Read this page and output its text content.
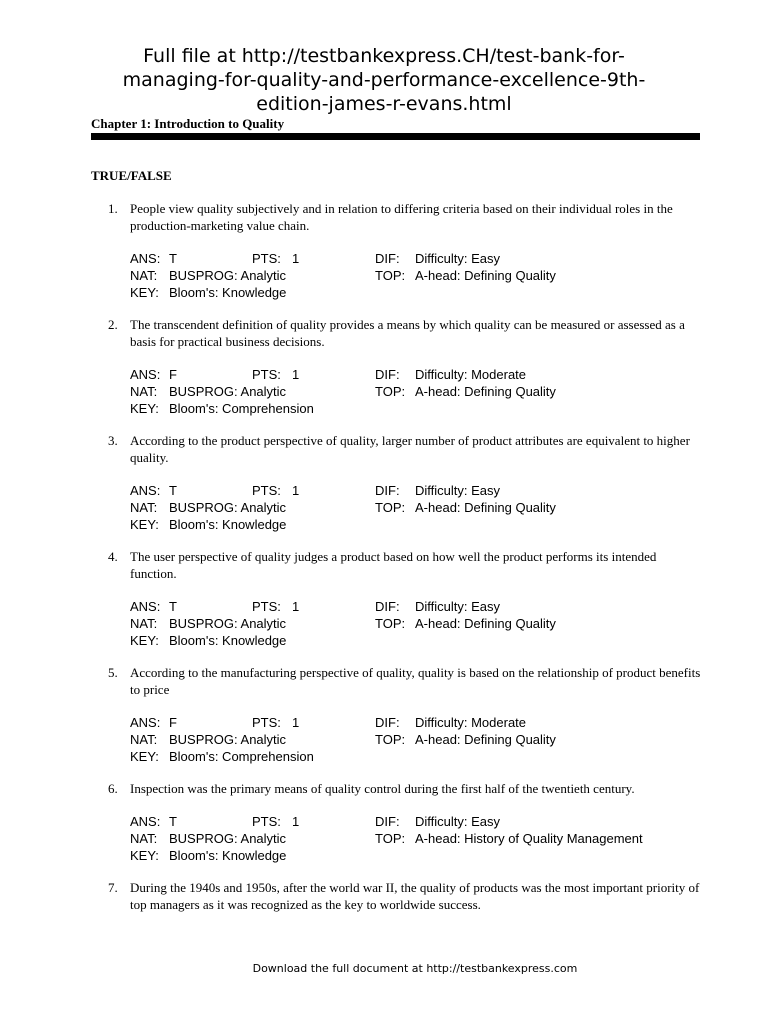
Full file at http://testbankexpress.CH/test-bank-for-
managing-for-quality-and-performance-excellence-9th-
edition-james-r-evans.html
Chapter 1: Introduction to Quality
TRUE/FALSE
1. People view quality subjectively and in relation to differing criteria based on their individual roles in the production-marketing value chain.
ANS: T	PTS: 1	DIF: Difficulty: Easy
NAT: BUSPROG: Analytic	TOP: A-head: Defining Quality
KEY: Bloom's: Knowledge
2. The transcendent definition of quality provides a means by which quality can be measured or assessed as a basis for practical business decisions.
ANS: F	PTS: 1	DIF: Difficulty: Moderate
NAT: BUSPROG: Analytic	TOP: A-head: Defining Quality
KEY: Bloom's: Comprehension
3. According to the product perspective of quality, larger number of product attributes are equivalent to higher quality.
ANS: T	PTS: 1	DIF: Difficulty: Easy
NAT: BUSPROG: Analytic	TOP: A-head: Defining Quality
KEY: Bloom's: Knowledge
4. The user perspective of quality judges a product based on how well the product performs its intended function.
ANS: T	PTS: 1	DIF: Difficulty: Easy
NAT: BUSPROG: Analytic	TOP: A-head: Defining Quality
KEY: Bloom's: Knowledge
5. According to the manufacturing perspective of quality, quality is based on the relationship of product benefits to price
ANS: F	PTS: 1	DIF: Difficulty: Moderate
NAT: BUSPROG: Analytic	TOP: A-head: Defining Quality
KEY: Bloom's: Comprehension
6. Inspection was the primary means of quality control during the first half of the twentieth century.
ANS: T	PTS: 1	DIF: Difficulty: Easy
NAT: BUSPROG: Analytic	TOP: A-head: History of Quality Management
KEY: Bloom's: Knowledge
7. During the 1940s and 1950s, after the world war II, the quality of products was the most important priority of top managers as it was recognized as the key to worldwide success.
Download the full document at http://testbankexpress.com
